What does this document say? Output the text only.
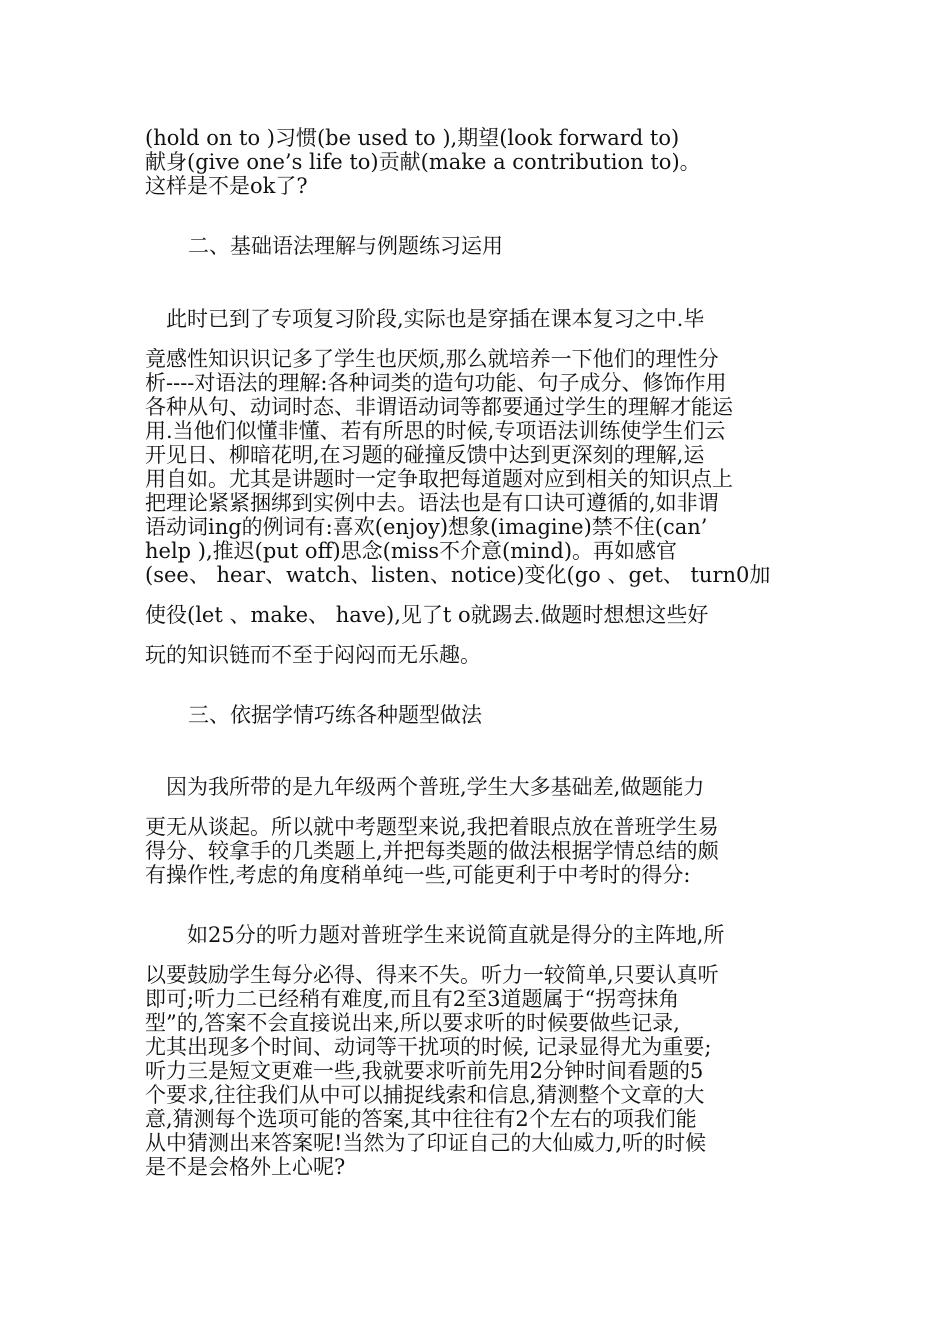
(hold on to )习惯(be used to ),期望(look forward to)
献身(give one’s life to)贡献(make a contribution to)。
这样是不是ok了?
二、基础语法理解与例题练习运用
此时已到了专项复习阶段,实际也是穿插在课本复习之中.毕
竟感性知识识记多了学生也厌烦,那么就培养一下他们的理性分
析----对语法的理解:各种词类的造句功能、句子成分、修饰作用
各种从句、动词时态、非谓语动词等都要通过学生的理解才能运
用.当他们似懂非懂、若有所思的时候,专项语法训练使学生们云
开见日、柳暗花明,在习题的碰撞反馈中达到更深刻的理解,运
用自如。尤其是讲题时一定争取把每道题对应到相关的知识点上
把理论紧紧捆绑到实例中去。语法也是有口诀可遵循的,如非谓
语动词ing的例词有:喜欢(enjoy)想象(imagine)禁不住(can’
help ),推迟(put off)思念(miss不介意(mind)。再如感官
(see、 hear、watch、listen、notice)变化(go 、get、 turn0加
使役(let 、make、 have),见了t o就踢去.做题时想想这些好
玩的知识链而不至于闷闷而无乐趣。
三、依据学情巧练各种题型做法
因为我所带的是九年级两个普班,学生大多基础差,做题能力
更无从谈起。所以就中考题型来说,我把着眼点放在普班学生易
得分、较拿手的几类题上,并把每类题的做法根据学情总结的颇
有操作性,考虑的角度稍单纯一些,可能更利于中考时的得分:
如25分的听力题对普班学生来说简直就是得分的主阵地,所
以要鼓励学生每分必得、得来不失。听力一较简单,只要认真听
即可;听力二已经稍有难度,而且有2至3道题属于“拐弯抹角
型”的,答案不会直接说出来,所以要求听的时候要做些记录,
尤其出现多个时间、动词等干扰项的时候, 记录显得尤为重要;
听力三是短文更难一些,我就要求听前先用2分钟时间看题的5
个要求,往往我们从中可以捕捉线索和信息,猜测整个文章的大
意,猜测每个选项可能的答案,其中往往有2个左右的项我们能
从中猜测出来答案呢!当然为了印证自己的大仙威力,听的时候
是不是会格外上心呢?
